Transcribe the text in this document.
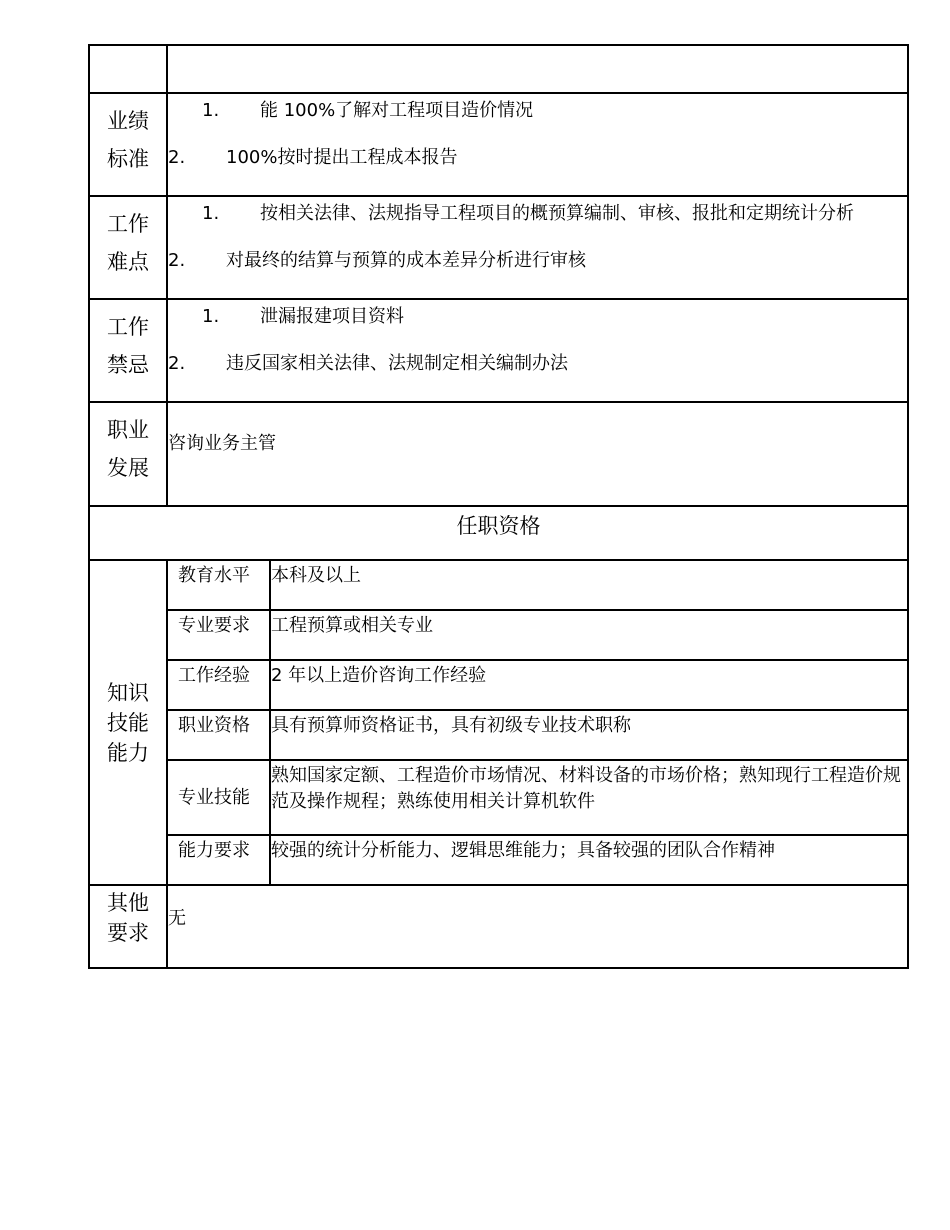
业绩
标准	1. 能 100%了解对工程项目造价情况
2. 100%按时提出工程成本报告	

工作
难点	1. 按相关法律、法规指导工程项目的概预算编制、审核、报批和定期统计分析
2. 对最终的结算与预算的成本差异分析进行审核	

工作
禁忌	1. 泄漏报建项目资料
2. 违反国家相关法律、法规制定相关编制办法	

职业
发展	咨询业务主管	

任职资格		
知识
技能
能力	教育水平	本科及以上
	专业要求	工程预算或相关专业
	工作经验	2 年以上造价咨询工作经验
	职业资格	具有预算师资格证书，具有初级专业技术职称
	专业技能	熟知国家定额、工程造价市场情况、材料设备的市场价格；熟知现行工程造价规范及操作规程；熟练使用相关计算机软件
	能力要求	较强的统计分析能力、逻辑思维能力；具备较强的团队合作精神
其他
要求	无	
